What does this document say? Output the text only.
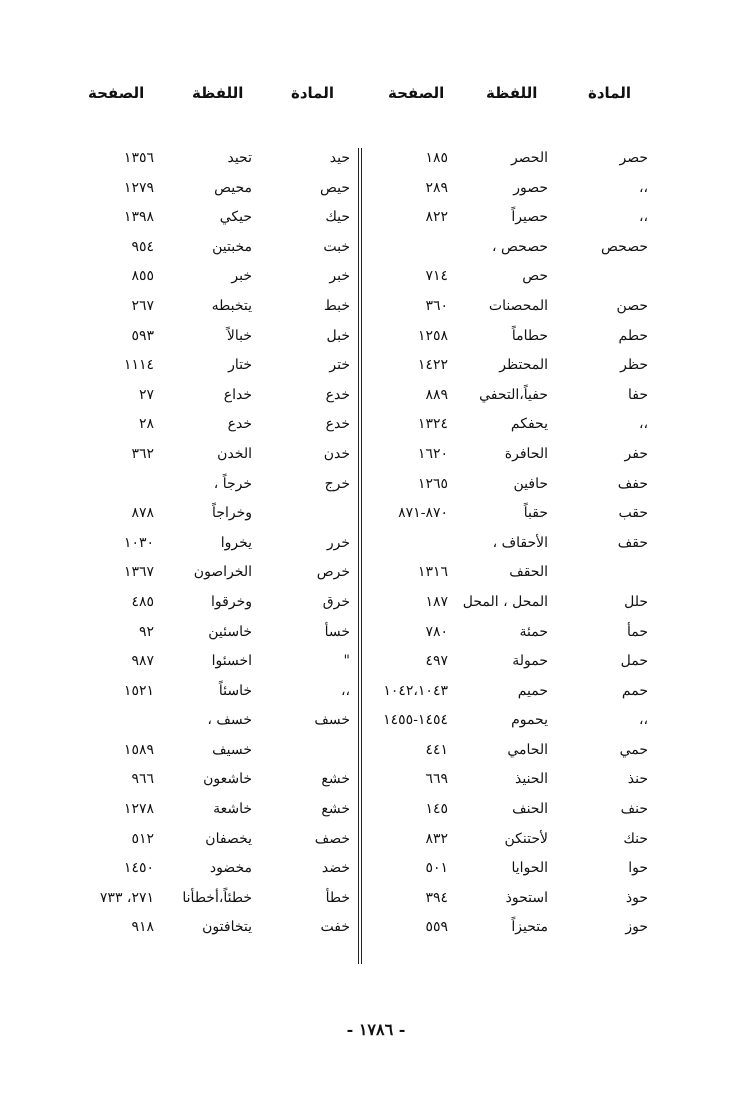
المادة
اللفظة
الصفحة
المادة
اللفظة
الصفحة
حصر
الحصر
١٨٥
،،
حصور
٢٨٩
،،
حصيراً
٨٢٢
حصحص
حصحص ،
حص
٧١٤
حصن
المحصنات
٣٦٠
حطم
حطاماً
١٢٥٨
حظر
المحتظر
١٤٢٢
حفا
حفياً،التحفي
٨٨٩
،،
يحفكم
١٣٢٤
حفر
الحافرة
١٦٢٠
حفف
حافين
١٢٦٥
حقب
حقباً
٨٧٠-٨٧١
حقف
الأحقاف ،
الحقف
١٣١٦
حلل
المحل ، المحل
١٨٧
حمأ
حمئة
٧٨٠
حمل
حمولة
٤٩٧
حمم
حميم
١٠٤٢،١٠٤٣
،،
يحموم
١٤٥٤-١٤٥٥
حمي
الحامي
٤٤١
حنذ
الحنيذ
٦٦٩
حنف
الحنف
١٤٥
حنك
لأحتنكن
٨٣٢
حوا
الحوايا
٥٠١
حوذ
استحوذ
٣٩٤
حوز
متحيزاً
٥٥٩
حيد
تحيد
١٣٥٦
حيص
محيص
١٢٧٩
حيك
حيكي
١٣٩٨
خبت
مخبتين
٩٥٤
خبر
خبر
٨٥٥
خبط
يتخبطه
٢٦٧
خبل
خبالاً
٥٩٣
ختر
ختار
١١١٤
خدع
خداع
٢٧
خدع
خدع
٢٨
خدن
الخدن
٣٦٢
خرج
خرجاً ،
وخراجاً
٨٧٨
خرر
يخروا
١٠٣٠
خرص
الخراصون
١٣٦٧
خرق
وخرقوا
٤٨٥
خسأ
خاسئين
٩٢
"
اخسئوا
٩٨٧
،،
خاسئاً
١٥٢١
خسف
خسف ،
خسيف
١٥٨٩
خشع
خاشعون
٩٦٦
خشع
خاشعة
١٢٧٨
خصف
يخصفان
٥١٢
خضد
مخضود
١٤٥٠
خطأ
خطئاً،أخطأنا
٢٧١، ٧٣٣
خفت
يتخافتون
٩١٨
- ١٧٨٦ -
